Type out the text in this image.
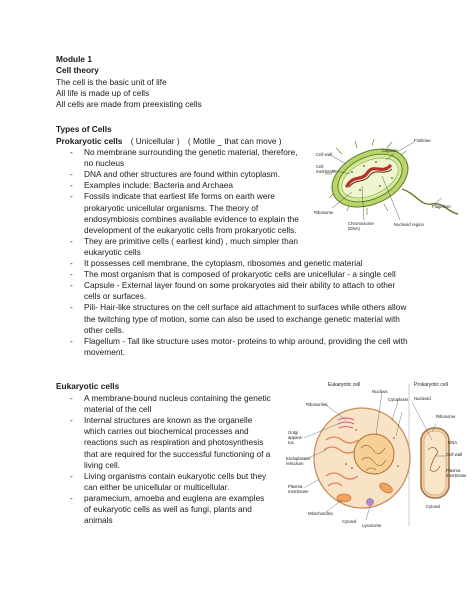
Module 1
Cell theory
The cell is the basic unit of life
All life is made up of cells
All cells are made from preexisting cells
Types of Cells
Prokaryotic cells ( Unicellular ) ( Motile _ that can move )
-	No membrane surrounding the genetic material, therefore,
no nucleus
-	DNA and other structures are found within cytoplasm.
-	Examples include: Bacteria and Archaea
-	Fossils indicate that earliest life forms on earth were
prokaryotic unicellular organisms. The theory of
endosymbiosis combines available evidence to explain the
development of the eukaryotic cells from prokaryotic cells.
-	They are primitive cells ( earliest kind) , much simpler than
eukaryotic cells
-	It possesses cell membrane, the cytoplasm, ribosomes and genetic material
-	The most organism that is composed of prokaryotic cells are unicellular - a single cell
-	Capsule - External layer found on some prokaryotes aid their ability to attach to other
cells or surfaces.
-	Pili- Hair-like structures on the cell surface aid attachment to surfaces while others allow
the twitching type of motion, some can also be used to exchange genetic material with
other cells.
-	Flagellum - Tail like structure uses motor- proteins to whip around, providing the cell with
movement.
Fimbriae
Capsule
Cell wall
Cell
membrane
Ribosome
Chromosome
(DNA)
Nucleoid region
Flagellum
Eukaryotic cells
-	A membrane-bound nucleus containing the genetic
material of the cell
-	Internal structures are known as the organelle
which carries out biochemical processes and
reactions such as respiration and photosynthesis
that are required for the successful functioning of a
living cell.
-	Living organisms contain eukaryotic cells but they
can either be unicellular or multicellular.
-	paramecium, amoeba and euglena are examples
of eukaryotic cells as well as fungi, plants and
animals
Eukaryotic cell	Prokaryotic cell
Nucleus
Cytoplasm
Ribosomes
Golgi
appara-
tus
Endoplasmic
reticulum
Plasma
membrane
Mitochondria
Cytosol
Lysosome
Nucleoid
Ribosome
DNA
Cell wall
Plasma
membrane
Cytosol
